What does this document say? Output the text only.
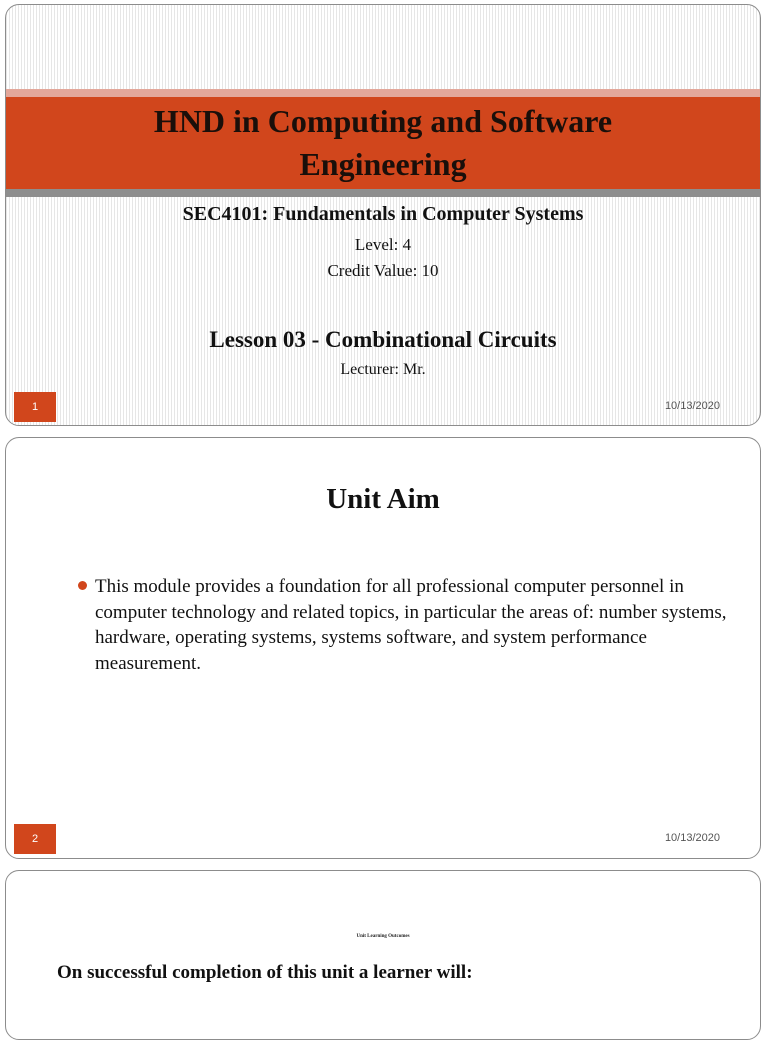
HND in Computing and Software Engineering

SEC4101: Fundamentals in Computer Systems

Level: 4

Credit Value: 10

Lesson 03 - Combinational Circuits

Lecturer: Mr.

1	10/13/2020
Unit Aim

This module provides a foundation for all professional computer personnel in computer technology and related topics, in particular the areas of: number systems, hardware, operating systems, systems software, and system performance measurement.

2	10/13/2020

Unit Learning Outcomes

On successful completion of this unit a learner will:
